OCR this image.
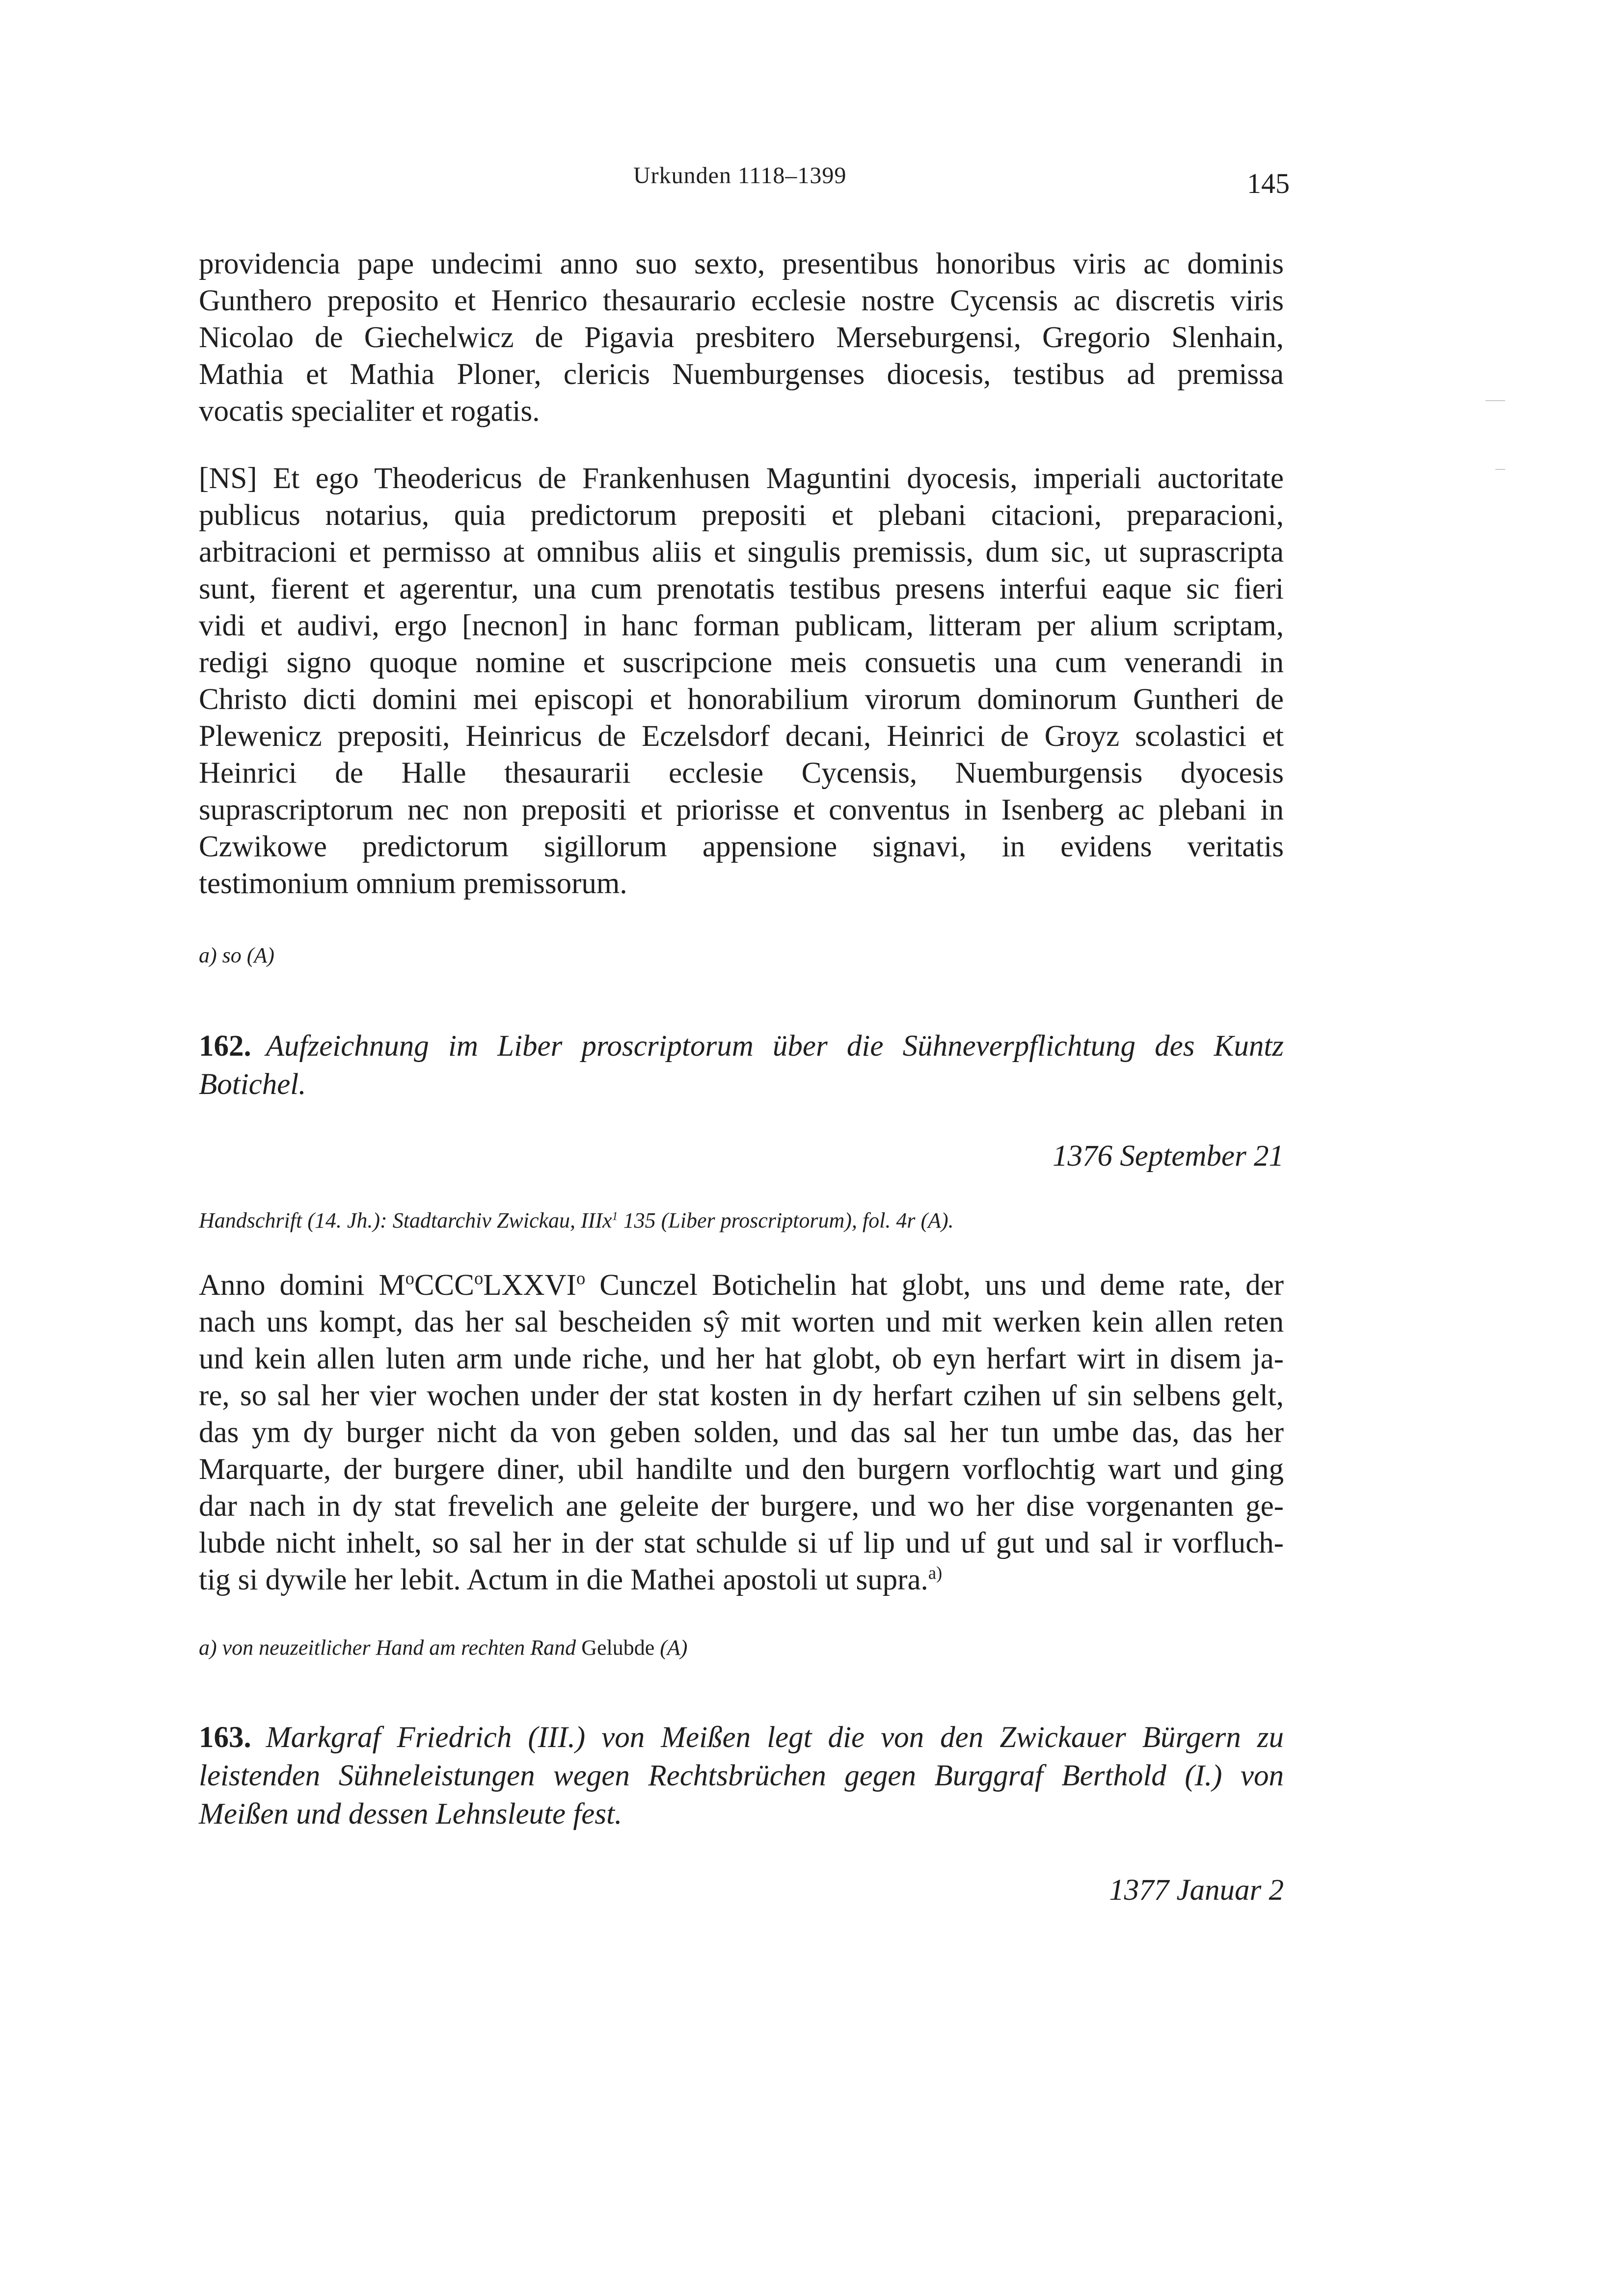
Urkunden 1118–1399	145
providencia pape undecimi anno suo sexto, presentibus honoribus viris ac dominis
Gunthero preposito et Henrico thesaurario ecclesie nostre Cycensis ac discretis viris
Nicolao de Giechelwicz de Pigavia presbitero Merseburgensi, Gregorio Slenhain,
Mathia et Mathia Ploner, clericis Nuemburgenses diocesis, testibus ad premissa
vocatis specialiter et rogatis.
[NS] Et ego Theodericus de Frankenhusen Maguntini dyocesis, imperiali auctoritate
publicus notarius, quia predictorum prepositi et plebani citacioni, preparacioni,
arbitracioni et permisso at omnibus aliis et singulis premissis, dum sic, ut suprascripta
sunt, fierent et agerentur, una cum prenotatis testibus presens interfui eaque sic fieri
vidi et audivi, ergo [necnon] in hanc forman publicam, litteram per alium scriptam,
redigi signo quoque nomine et suscripcione meis consuetis una cum venerandi in
Christo dicti domini mei episcopi et honorabilium virorum dominorum Guntheri de
Plewenicz prepositi, Heinricus de Eczelsdorf decani, Heinrici de Groyz scolastici et
Heinrici de Halle thesaurarii ecclesie Cycensis, Nuemburgensis dyocesis
suprascriptorum nec non prepositi et priorisse et conventus in Isenberg ac plebani in
Czwikowe predictorum sigillorum appensione signavi, in evidens veritatis
testimonium omnium premissorum.
a) so (A)
162. Aufzeichnung im Liber proscriptorum über die Sühneverpflichtung des Kuntz
Botichel.
1376 September 21
Handschrift (14. Jh.): Stadtarchiv Zwickau, IIIx$^1$ 135 (Liber proscriptorum), fol. 4r (A).
Anno domini $M^oCCC^oLXXVI^o$ Cunczel Botichelin hat globt, uns und deme rate, der
nach uns kompt, das her sal bescheiden sŷ mit worten und mit werken kein allen reten
und kein allen luten arm unde riche, und her hat globt, ob eyn herfart wirt in disem ja-
re, so sal her vier wochen under der stat kosten in dy herfart czihen uf sin selbens gelt,
das ym dy burger nicht da von geben solden, und das sal her tun umbe das, das her
Marquarte, der burgere diner, ubil handilte und den burgern vorflochtig wart und ging
dar nach in dy stat frevelich ane geleite der burgere, und wo her dise vorgenanten ge-
lubde nicht inhelt, so sal her in der stat schulde si uf lip und uf gut und sal ir vorfluch-
tig si dywile her lebit. Actum in die Mathei apostoli ut supra.$^{a)}$
a) von neuzeitlicher Hand am rechten Rand Gelubde (A)
163. Markgraf Friedrich (III.) von Meißen legt die von den Zwickauer Bürgern zu
leistenden Sühneleistungen wegen Rechtsbrüchen gegen Burggraf Berthold (I.) von
Meißen und dessen Lehnsleute fest.
1377 Januar 2
